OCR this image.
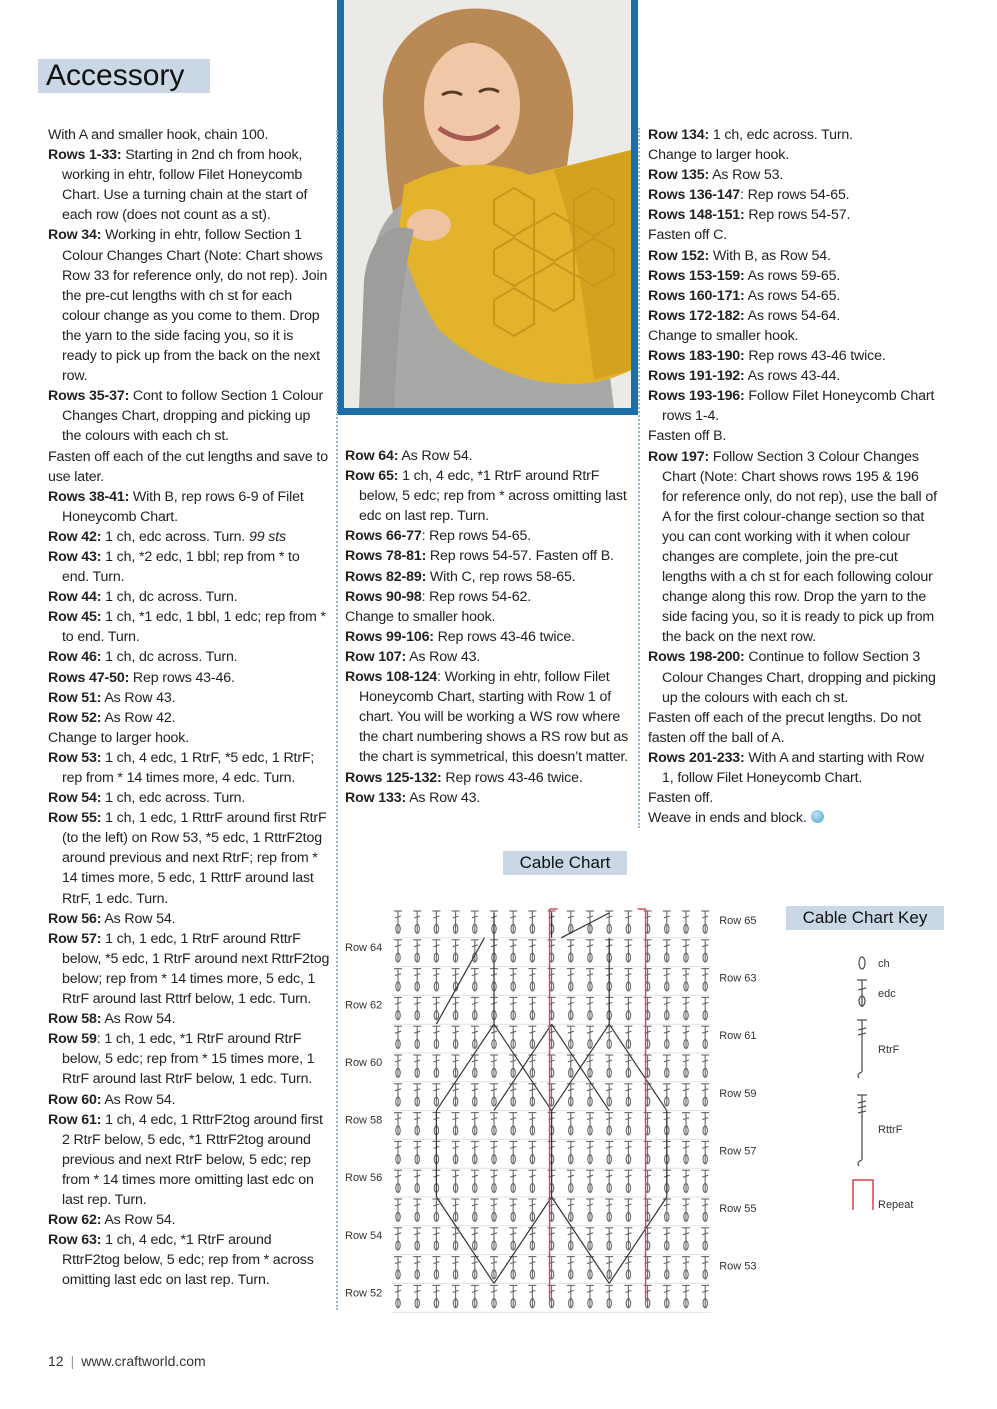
Accessory

With A and smaller hook, chain 100.

Rows 1-33: Starting in 2nd ch from hook, working in ehtr, follow Filet Honeycomb Chart. Use a turning chain at the start of each row (does not count as a st).

Row 34: Working in ehtr, follow Section 1 Colour Changes Chart (Note: Chart shows Row 33 for reference only, do not rep). Join the pre-cut lengths with ch st for each colour change as you come to them. Drop the yarn to the side facing you, so it is ready to pick up from the back on the next row.

Rows 35-37: Cont to follow Section 1 Colour Changes Chart, dropping and picking up the colours with each ch st.

Fasten off each of the cut lengths and save to use later.

Rows 38-41: With B, rep rows 6-9 of Filet Honeycomb Chart.

Row 42: 1 ch, edc across. Turn. 99 sts

Row 43: 1 ch, *2 edc, 1 bbl; rep from * to end. Turn.

Row 44: 1 ch, dc across. Turn.

Row 45: 1 ch, *1 edc, 1 bbl, 1 edc; rep from * to end. Turn.

Row 46: 1 ch, dc across. Turn.

Rows 47-50: Rep rows 43-46.

Row 51: As Row 43.

Row 52: As Row 42.

Change to larger hook.

Row 53: 1 ch, 4 edc, 1 RtrF, *5 edc, 1 RtrF; rep from * 14 times more, 4 edc. Turn.

Row 54: 1 ch, edc across. Turn.

Row 55: 1 ch, 1 edc, 1 RttrF around first RtrF (to the left) on Row 53, *5 edc, 1 RttrF2tog around previous and next RtrF; rep from * 14 times more, 5 edc, 1 RttrF around last RtrF, 1 edc. Turn.

Row 56: As Row 54.

Row 57: 1 ch, 1 edc, 1 RtrF around RttrF below, *5 edc, 1 RtrF around next RttrF2tog below; rep from * 14 times more, 5 edc, 1 RtrF around last Rttrf below, 1 edc. Turn.

Row 58: As Row 54.

Row 59: 1 ch, 1 edc, *1 RtrF around RtrF below, 5 edc; rep from * 15 times more, 1 RtrF around last RtrF below, 1 edc. Turn.

Row 60: As Row 54.

Row 61: 1 ch, 4 edc, 1 RttrF2tog around first 2 RtrF below, 5 edc, *1 RttrF2tog around previous and next RtrF below, 5 edc; rep from * 14 times more omitting last edc on last rep. Turn.

Row 62: As Row 54.

Row 63: 1 ch, 4 edc, *1 RtrF around RttrF2tog below, 5 edc; rep from * across omitting last edc on last rep. Turn.

Row 64: As Row 54.

Row 65: 1 ch, 4 edc, *1 RtrF around RtrF below, 5 edc; rep from * across omitting last edc on last rep. Turn.

Rows 66-77: Rep rows 54-65.

Rows 78-81: Rep rows 54-57. Fasten off B.

Rows 82-89: With C, rep rows 58-65.

Rows 90-98: Rep rows 54-62.

Change to smaller hook.

Rows 99-106: Rep rows 43-46 twice.

Row 107: As Row 43.

Rows 108-124: Working in ehtr, follow Filet Honeycomb Chart, starting with Row 1 of chart. You will be working a WS row where the chart numbering shows a RS row but as the chart is symmetrical, this doesn’t matter.

Rows 125-132: Rep rows 43-46 twice.

Row 133: As Row 43.

Row 134: 1 ch, edc across. Turn.

Change to larger hook.

Row 135: As Row 53.

Rows 136-147: Rep rows 54-65.

Rows 148-151: Rep rows 54-57.

Fasten off C.

Row 152: With B, as Row 54.

Rows 153-159: As rows 59-65.

Rows 160-171: As rows 54-65.

Rows 172-182: As rows 54-64.

Change to smaller hook.

Rows 183-190: Rep rows 43-46 twice.

Rows 191-192: As rows 43-44.

Rows 193-196: Follow Filet Honeycomb Chart rows 1-4.

Fasten off B.

Row 197: Follow Section 3 Colour Changes Chart (Note: Chart shows rows 195 & 196 for reference only, do not rep), use the ball of A for the first colour-change section so that you can cont working with it when colour changes are complete, join the pre-cut lengths with a ch st for each following colour change along this row. Drop the yarn to the side facing you, so it is ready to pick up from the back on the next row.

Rows 198-200: Continue to follow Section 3 Colour Changes Chart, dropping and picking up the colours with each ch st.

Fasten off each of the precut lengths. Do not fasten off the ball of A.

Rows 201-233: With A and starting with Row 1, follow Filet Honeycomb Chart.

Fasten off.

Weave in ends and block.

Cable Chart
Row 65
Row 63
Row 61
Row 59
Row 57
Row 55
Row 53
Row 64
Row 62
Row 60
Row 58
Row 56
Row 54
Row 52
Cable Chart Key
ch
edc
RtrF
RttrF
Repeat
12 | www.craftworld.com
